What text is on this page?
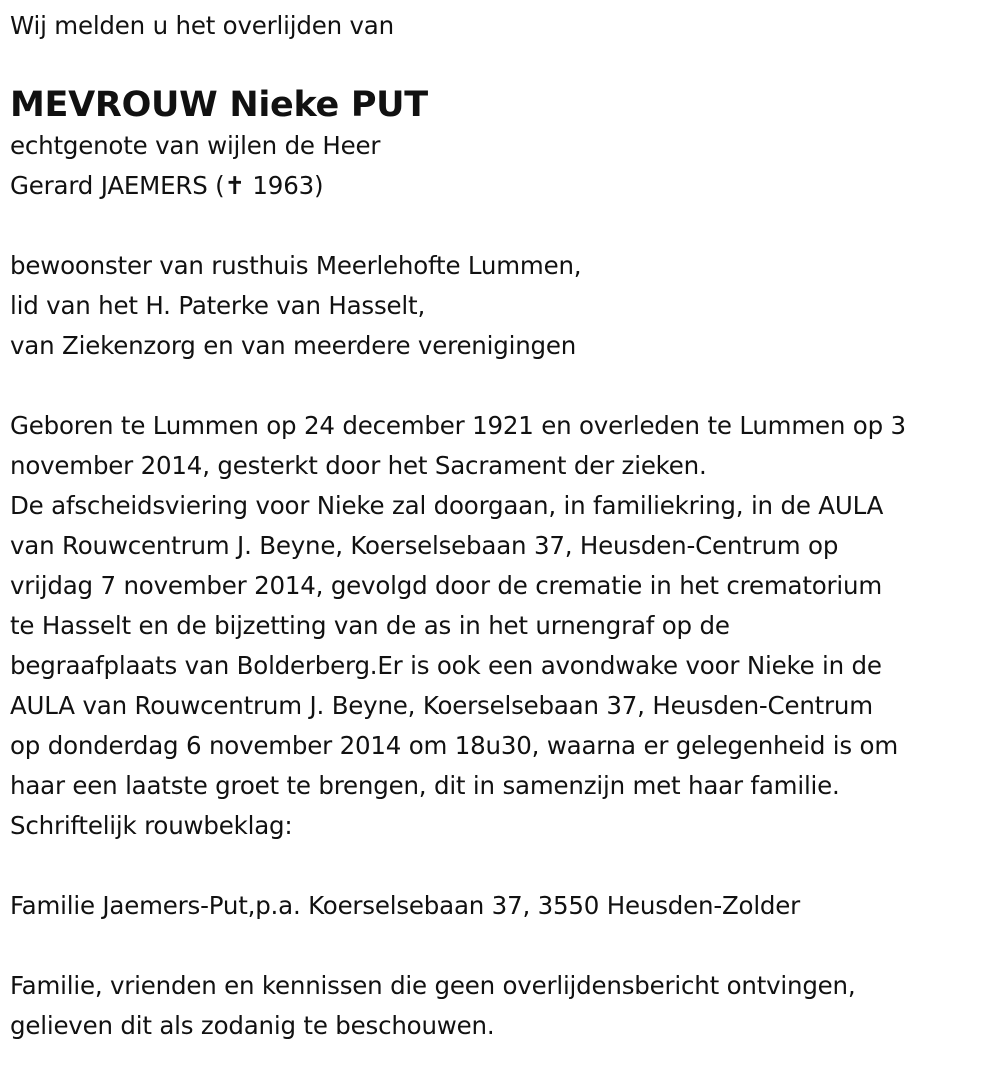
Wij melden u het overlijden van
MEVROUW Nieke PUT
echtgenote van wijlen de Heer
Gerard JAEMERS (✝ 1963)
bewoonster van rusthuis Meerlehofte Lummen,
lid van het H. Paterke van Hasselt,
van Ziekenzorg en van meerdere verenigingen
Geboren te Lummen op 24 december 1921 en overleden te Lummen op 3
november 2014, gesterkt door het Sacrament der zieken.
De afscheidsviering voor Nieke zal doorgaan, in familiekring, in de AULA
van Rouwcentrum J. Beyne, Koerselsebaan 37, Heusden-Centrum op
vrijdag 7 november 2014, gevolgd door de crematie in het crematorium
te Hasselt en de bijzetting van de as in het urnengraf op de
begraafplaats van Bolderberg.Er is ook een avondwake voor Nieke in de
AULA van Rouwcentrum J. Beyne, Koerselsebaan 37, Heusden-Centrum
op donderdag 6 november 2014 om 18u30, waarna er gelegenheid is om
haar een laatste groet te brengen, dit in samenzijn met haar familie.
Schriftelijk rouwbeklag:
Familie Jaemers-Put,p.a. Koerselsebaan 37, 3550 Heusden-Zolder
Familie, vrienden en kennissen die geen overlijdensbericht ontvingen,
gelieven dit als zodanig te beschouwen.
